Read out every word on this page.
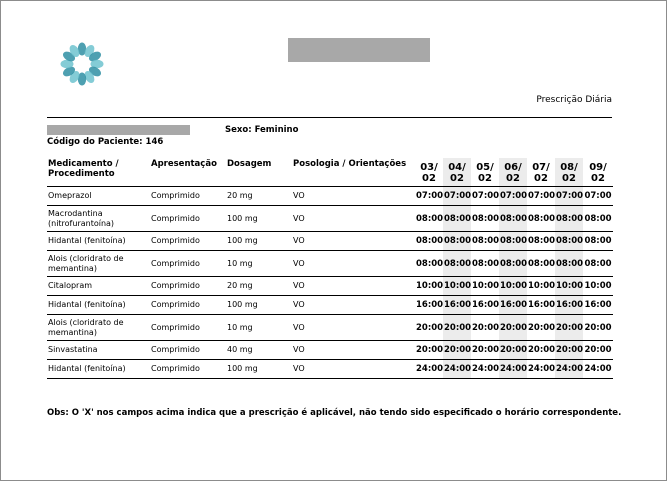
Prescrição Diária
Sexo: Feminino
Código do Paciente: 146
Medicamento / Procedimento	Apresentação	Dosagem	Posologia / Orientações	03/ 02	04/ 02	05/ 02	06/ 02	07/ 02	08/ 02	09/ 02
Omeprazol	Comprimido	20 mg	VO	07:00	07:00	07:00	07:00	07:00	07:00	07:00
Macrodantina (nitrofurantoína)	Comprimido	100 mg	VO	08:00	08:00	08:00	08:00	08:00	08:00	08:00
Hidantal (fenitoína)	Comprimido	100 mg	VO	08:00	08:00	08:00	08:00	08:00	08:00	08:00
Alois (cloridrato de memantina)	Comprimido	10 mg	VO	08:00	08:00	08:00	08:00	08:00	08:00	08:00
Citalopram	Comprimido	20 mg	VO	10:00	10:00	10:00	10:00	10:00	10:00	10:00
Hidantal (fenitoína)	Comprimido	100 mg	VO	16:00	16:00	16:00	16:00	16:00	16:00	16:00
Alois (cloridrato de memantina)	Comprimido	10 mg	VO	20:00	20:00	20:00	20:00	20:00	20:00	20:00
Sinvastatina	Comprimido	40 mg	VO	20:00	20:00	20:00	20:00	20:00	20:00	20:00
Hidantal (fenitoína)	Comprimido	100 mg	VO	24:00	24:00	24:00	24:00	24:00	24:00	24:00
Obs: O 'X' nos campos acima indica que a prescrição é aplicável, não tendo sido especificado o horário correspondente.
